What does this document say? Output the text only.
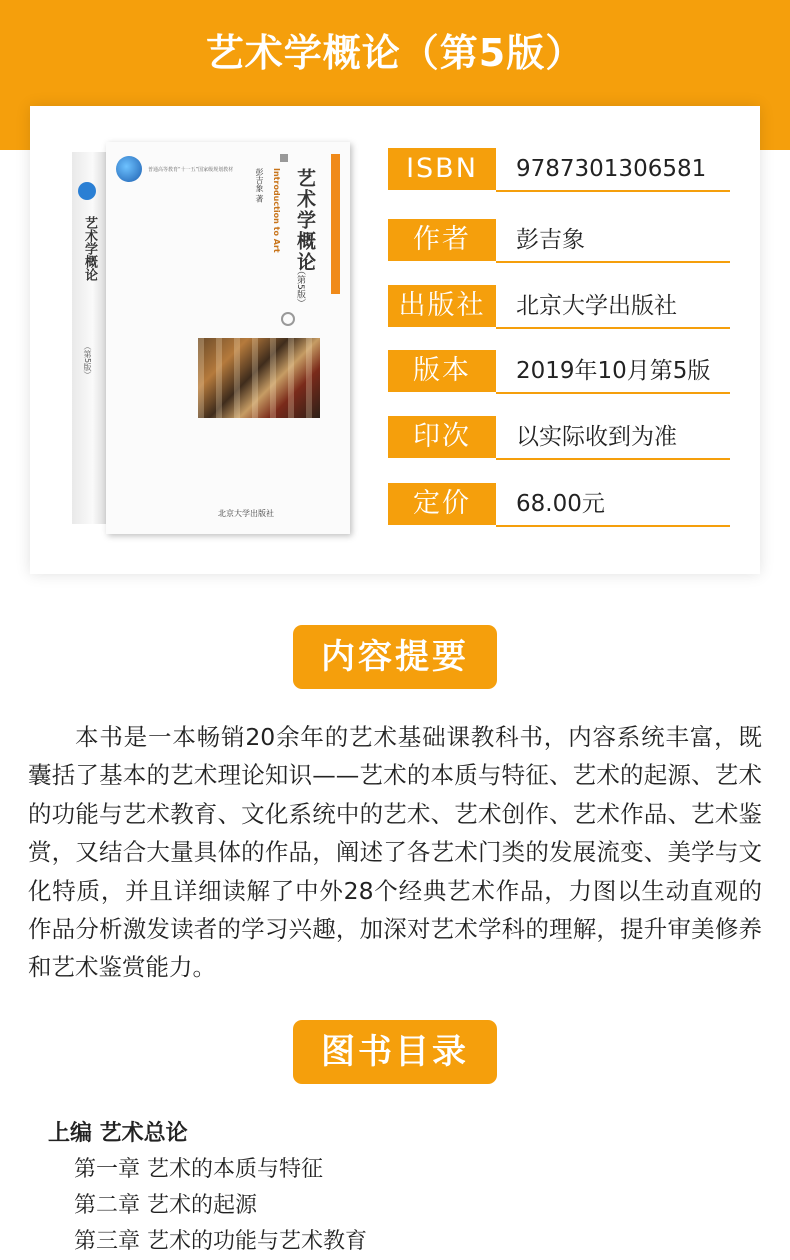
艺术学概论（第5版）
艺术学概论
（第5版）
普通高等教育“十一五”国家级规划教材	艺术学概论
（第5版）
Introduction to Art
彭吉象 著
北京大学出版社
ISBN	9787301306581
作者	彭吉象
出版社	北京大学出版社
版本	2019年10月第5版
印次	以实际收到为准
定价	68.00元
内容提要
本书是一本畅销20余年的艺术基础课教科书，内容系统丰富，既囊括了基本的艺术理论知识——艺术的本质与特征、艺术的起源、艺术的功能与艺术教育、文化系统中的艺术、艺术创作、艺术作品、艺术鉴赏，又结合大量具体的作品，阐述了各艺术门类的发展流变、美学与文化特质，并且详细读解了中外28个经典艺术作品，力图以生动直观的作品分析激发读者的学习兴趣，加深对艺术学科的理解，提升审美修养和艺术鉴赏能力。
图书目录
上编 艺术总论
第一章 艺术的本质与特征
第二章 艺术的起源
第三章 艺术的功能与艺术教育
